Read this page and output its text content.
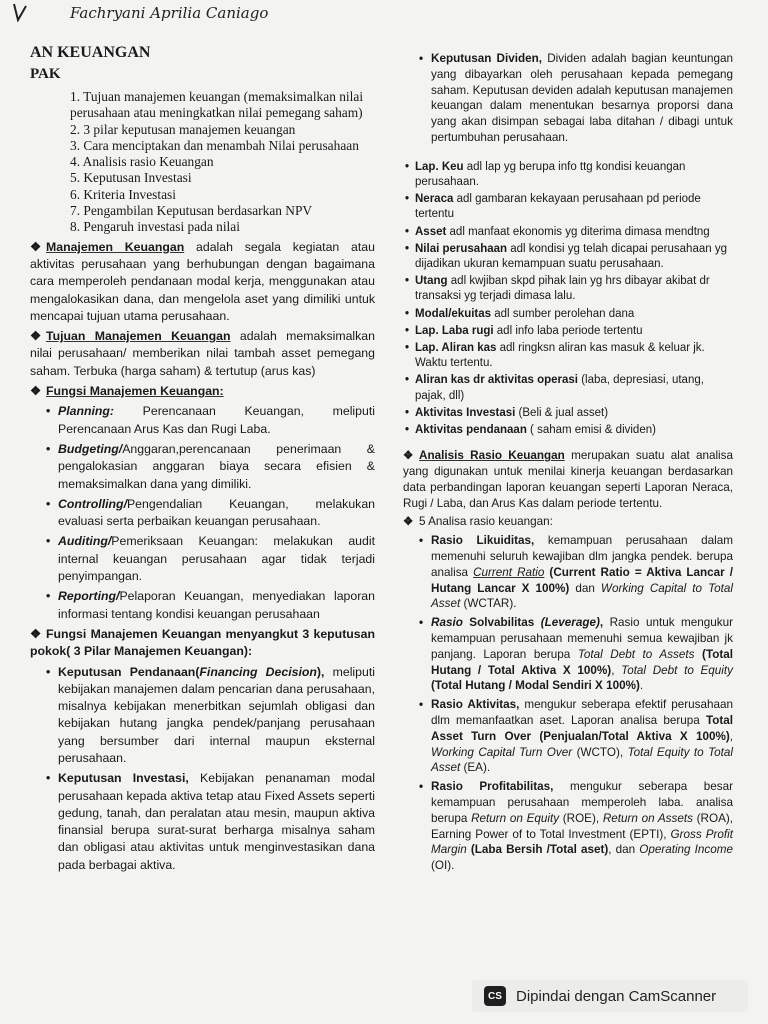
Fachryani Aprilia Caniago
AN KEUANGAN
PAK
1. Tujuan manajemen keuangan (memaksimalkan nilai perusahaan atau meningkatkan nilai pemegang saham)
2. 3 pilar keputusan manajemen keuangan
3. Cara menciptakan dan menambah Nilai perusahaan
4. Analisis rasio Keuangan
5. Keputusan Investasi
6. Kriteria Investasi
7. Pengambilan Keputusan berdasarkan NPV
8. Pengaruh investasi pada nilai

❖ Manajemen Keuangan adalah segala kegiatan atau aktivitas perusahaan yang berhubungan dengan bagaimana cara memperoleh pendanaan modal kerja, menggunakan atau mengalokasikan dana, dan mengelola aset yang dimiliki untuk mencapai tujuan utama perusahaan.

❖ Tujuan Manajemen Keuangan adalah memaksimalkan nilai perusahaan/ memberikan nilai tambah asset pemegang saham. Terbuka (harga saham) & tertutup (arus kas)

❖ Fungsi Manajemen Keuangan:

• Planning: Perencanaan Keuangan, meliputi Perencanaan Arus Kas dan Rugi Laba.
• Budgeting/Anggaran,perencanaan penerimaan & pengalokasian anggaran biaya secara efisien & memaksimalkan dana yang dimiliki.
• Controlling/Pengendalian Keuangan, melakukan evaluasi serta perbaikan keuangan perusahaan.
• Auditing/Pemeriksaan Keuangan: melakukan audit internal keuangan perusahaan agar tidak terjadi penyimpangan.
• Reporting/Pelaporan Keuangan, menyediakan laporan informasi tentang kondisi keuangan perusahaan

❖ Fungsi Manajemen Keuangan menyangkut 3 keputusan pokok( 3 Pilar Manajemen Keuangan):

• Keputusan Pendanaan(Financing Decision), meliputi kebijakan manajemen dalam pencarian dana perusahaan, misalnya kebijakan menerbitkan sejumlah obligasi dan kebijakan hutang jangka pendek/panjang perusahaan yang bersumber dari internal maupun eksternal perusahaan.
• Keputusan Investasi, Kebijakan penanaman modal perusahaan kepada aktiva tetap atau Fixed Assets seperti gedung, tanah, dan peralatan atau mesin, maupun aktiva finansial berupa surat-surat berharga misalnya saham dan obligasi atau aktivitas untuk menginvestasikan dana pada berbagai aktiva.
• Keputusan Dividen, Dividen adalah bagian keuntungan yang dibayarkan oleh perusahaan kepada pemegang saham. Keputusan deviden adalah keputusan manajemen keuangan dalam menentukan besarnya proporsi dana yang akan disimpan sebagai laba ditahan / dibagi untuk pertumbuhan perusahaan.
• Lap. Keu adl lap yg berupa info ttg kondisi keuangan perusahaan.
• Neraca adl gambaran kekayaan perusahaan pd periode tertentu
• Asset adl manfaat ekonomis yg diterima dimasa mendtng
• Nilai perusahaan adl kondisi yg telah dicapai perusahaan yg dijadikan ukuran kemampuan suatu perusahaan.
• Utang adl kwjiban skpd pihak lain yg hrs dibayar akibat dr transaksi yg terjadi dimasa lalu.
• Modal/ekuitas adl sumber perolehan dana
• Lap. Laba rugi adl info laba periode tertentu
• Lap. Aliran kas adl ringksn aliran kas masuk & keluar jk. Waktu tertentu.
• Aliran kas dr aktivitas operasi (laba, depresiasi, utang, pajak, dll)
• Aktivitas Investasi (Beli & jual asset)
• Aktivitas pendanaan ( saham emisi & dividen)

❖ Analisis Rasio Keuangan merupakan suatu alat analisa yang digunakan untuk menilai kinerja keuangan berdasarkan data perbandingan laporan keuangan seperti Laporan Neraca, Rugi / Laba, dan Arus Kas dalam periode tertentu.

❖ 5 Analisa rasio keuangan:

• Rasio Likuiditas, kemampuan perusahaan dalam memenuhi seluruh kewajiban dlm jangka pendek. berupa analisa Current Ratio (Current Ratio = Aktiva Lancar / Hutang Lancar X 100%) dan Working Capital to Total Asset (WCTAR).
• Rasio Solvabilitas (Leverage), Rasio untuk mengukur kemampuan perusahaan memenuhi semua kewajiban jk panjang. Laporan berupa Total Debt to Assets (Total Hutang / Total Aktiva X 100%), Total Debt to Equity (Total Hutang / Modal Sendiri X 100%).
• Rasio Aktivitas, mengukur seberapa efektif perusahaan dlm memanfaatkan aset. Laporan analisa berupa Total Asset Turn Over (Penjualan/Total Aktiva X 100%), Working Capital Turn Over (WCTO), Total Equity to Total Asset (EA).
• Rasio Profitabilitas, mengukur seberapa besar kemampuan perusahaan memperoleh laba. analisa berupa Return on Equity (ROE), Return on Assets (ROA), Earning Power of to Total Investment (EPTI), Gross Profit Margin (Laba Bersih /Total aset), dan Operating Income (OI).
CS Dipindai dengan CamScanner
